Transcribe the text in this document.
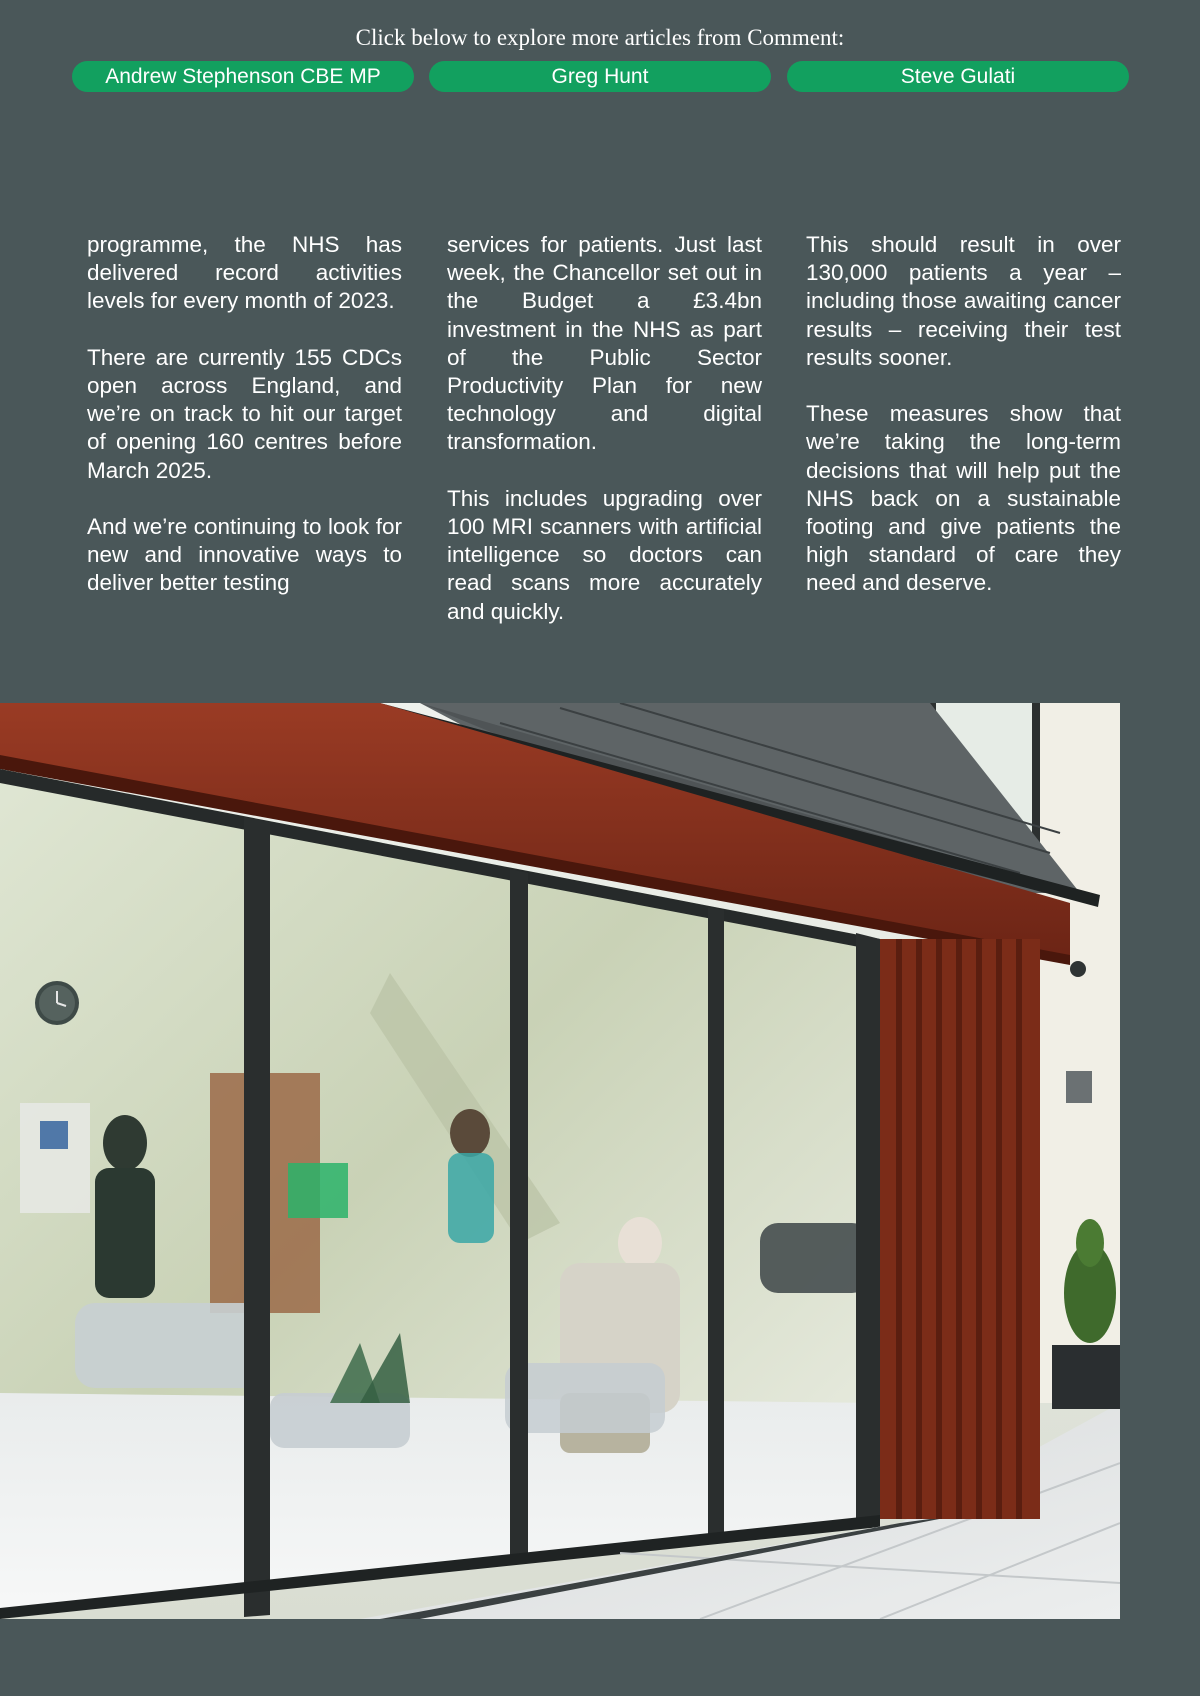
Click below to explore more articles from Comment:
Andrew Stephenson CBE MP	Greg Hunt	Steve Gulati

programme, the NHS has delivered record activities levels for every month of 2023.

There are currently 155 CDCs open across England, and we’re on track to hit our target of opening 160 centres before March 2025.

And we’re continuing to look for new and innovative ways to deliver better testing

services for patients. Just last week, the Chancellor set out in the Budget a £3.4bn investment in the NHS as part of the Public Sector Productivity Plan for new technology and digital transformation.

This includes upgrading over 100 MRI scanners with artificial intelligence so doctors can read scans more accurately and quickly.

This should result in over 130,000 patients a year – including those awaiting cancer results – receiving their test results sooner.

These measures show that we’re taking the long-term decisions that will help put the NHS back on a sustainable footing and give patients the high standard of care they need and deserve.
